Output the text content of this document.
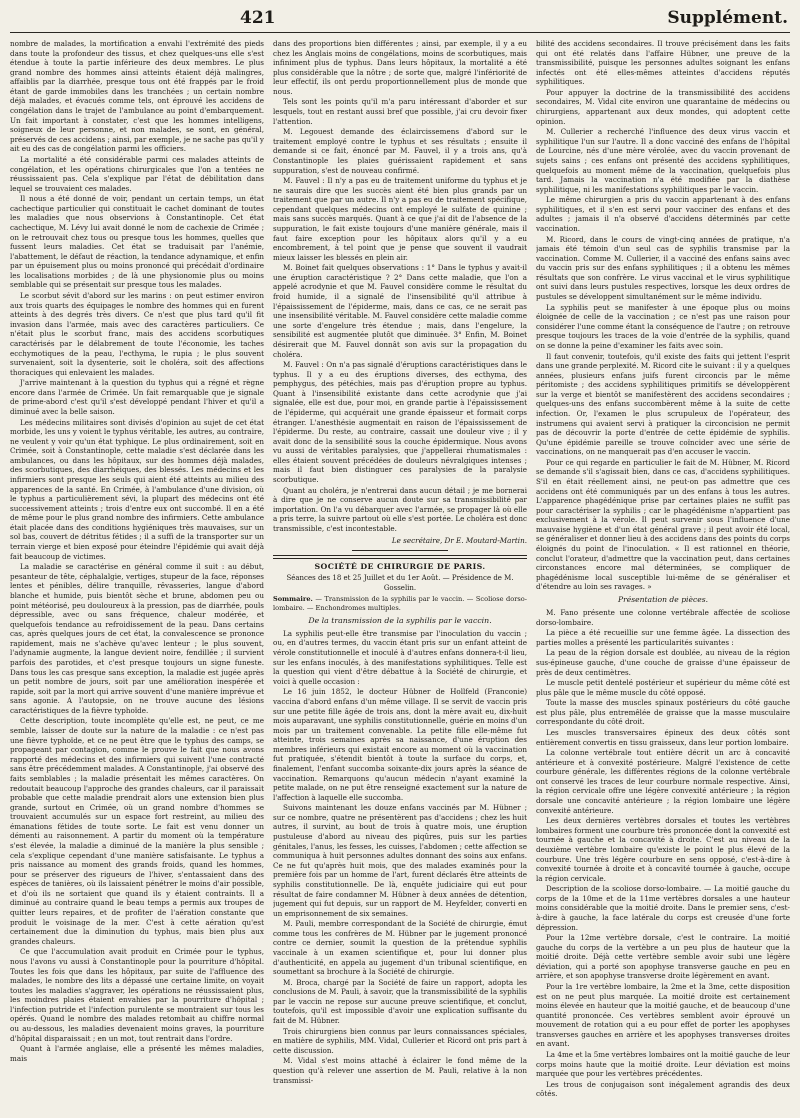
421	Supplément.

nombre de malades, la mortification a envahi l'extrémité des pieds dans toute la profondeur des tissus, et chez quelques-uns elle s'est étendue à toute la partie inférieure des deux membres. Le plus grand nombre des hommes ainsi atteints étaient déjà malingres, affaiblis par la diarrhée, presque tous ont été frappés par le froid étant de garde immobiles dans les tranchées ; un certain nombre déjà malades, et évacués comme tels, ont éprouvé les accidens de congélation dans le trajet de l'ambulance au point d'embarquement. Un fait important à constater, c'est que les hommes intelligens, soigneux de leur personne, et non malades, se sont, en général, préservés de ces accidens ; ainsi, par exemple, je ne sache pas qu'il y ait eu des cas de congélation parmi les officiers.

La mortalité a été considérable parmi ces malades atteints de congélation, et les opérations chirurgicales que l'on a tentées ne réussissaient pas. Cela s'explique par l'état de débilitation dans lequel se trouvaient ces malades.

Il nous a été donné de voir, pendant un certain temps, un état cachectique particulier qui constituait le cachet dominant de toutes les maladies que nous observions à Constantinople. Cet état cachectique, M. Lévy lui avait donné le nom de cachexie de Crimée ; on le retrouvait chez tous ou presque tous les hommes, quelles que fussent leurs maladies. Cet état se traduisait par l'anémie, l'abattement, le défaut de réaction, la tendance adynamique, et enfin par un épuisement plus ou moins prononcé qui précédait d'ordinaire les localisations morbides ; de là une physionomie plus ou moins semblable qui se présentait sur presque tous les malades.

Le scorbut sévit d'abord sur les marins : on peut estimer environ aux trois quarts des équipages le nombre des hommes qui en furent atteints à des degrés très divers. Ce n'est que plus tard qu'il fit invasion dans l'armée, mais avec des caractères particuliers. Ce n'était plus le scorbut franc, mais des accidens scorbutiques caractérisés par le délabrement de toute l'économie, les taches ecchymotiques de la peau, l'ecthyma, le rupia ; le plus souvent survenaient, soit la dysenterie, soit le choléra, soit des affections thoraciques qui enlevaient les malades.

J'arrive maintenant à la question du typhus qui a régné et règne encore dans l'armée de Crimée. Un fait remarquable que je signale de prime-abord c'est qu'il s'est développé pendant l'hiver et qu'il a diminué avec la belle saison.

Les médecins militaires sont divisés d'opinion au sujet de cet état morbide, les uns y voient le typhus véritable, les autres, au contraire, ne veulent y voir qu'un état typhique. Le plus ordinairement, soit en Crimée, soit à Constantinople, cette maladie s'est déclarée dans les ambulances, ou dans les hôpitaux, sur des hommes déjà malades, des scorbutiques, des diarrhéiques, des blessés. Les médecins et les infirmiers sont presque les seuls qui aient été atteints au milieu des apparences de la santé. En Crimée, à l'ambulance d'une division, où le typhus a particulièrement sévi, la plupart des médecins ont été successivement atteints ; trois d'entre eux ont succombé. Il en a été de même pour le plus grand nombre des infirmiers. Cette ambulance était placée dans des conditions hygiéniques très mauvaises, sur un sol bas, couvert de détritus fétides ; il a suffi de la transporter sur un terrain vierge et bien exposé pour éteindre l'épidémie qui avait déjà fait beaucoup de victimes.

La maladie se caractérise en général comme il suit : au début, pesanteur de tête, céphalalgie, vertiges, stupeur de la face, réponses lentes et pénibles, délire tranquille, rêvasseries, langue d'abord blanche et humide, puis bientôt sèche et brune, abdomen peu ou point météorisé, peu douloureux à la pression, pas de diarrhée, pouls dépressible, avec ou sans fréquence, chaleur modérée, et quelquefois tendance au refroidissement de la peau. Dans certains cas, après quelques jours de cet état, la convalescence se prononce rapidement, mais ne s'achève qu'avec lenteur ; le plus souvent, l'adynamie augmente, la langue devient noire, fendillée ; il survient parfois des parotides, et c'est presque toujours un signe funeste. Dans tous les cas presque sans exception, la maladie est jugée après un petit nombre de jours, soit par une amélioration inespérée et rapide, soit par la mort qui arrive souvent d'une manière imprévue et sans agonie. A l'autopsie, on ne trouve aucune des lésions caractéristiques de la fièvre typhoïde.

Cette description, toute incomplète qu'elle est, ne peut, ce me semble, laisser de doute sur la nature de la maladie : ce n'est pas une fièvre typhoïde, et ce ne peut être que le typhus des camps, se propageant par contagion, comme le prouve le fait que nous avons rapporté des médecins et des infirmiers qui suivent l'une contracté sans être précédemment malades. A Constantinople, j'ai observé des faits semblables ; la maladie présentait les mêmes caractères. On redoutait beaucoup l'approche des grandes chaleurs, car il paraissait probable que cette maladie prendrait alors une extension bien plus grande, surtout en Crimée, où un grand nombre d'hommes se trouvaient accumulés sur un espace fort restreint, au milieu des émanations fétides de toute sorte. Le fait est venu donner un démenti au raisonnement. A partir du moment où la température s'est élevée, la maladie a diminué de la manière la plus sensible ; cela s'explique cependant d'une manière satisfaisante. Le typhus a pris naissance au moment des grands froids, quand les hommes, pour se préserver des rigueurs de l'hiver, s'entassaient dans des espèces de tanières, où ils laissaient pénétrer le moins d'air possible, et d'où ils ne sortaient que quand ils y étaient contraints. Il a diminué au contraire quand le beau temps a permis aux troupes de quitter leurs repaires, et de profiter de l'aération constante que produit le voisinage de la mer. C'est à cette aération qu'est certainement due la diminution du typhus, mais bien plus aux grandes chaleurs.

Ce que l'accumulation avait produit en Crimée pour le typhus, nous l'avons vu aussi à Constantinople pour la pourriture d'hôpital. Toutes les fois que dans les hôpitaux, par suite de l'affluence des malades, le nombre des lits a dépassé une certaine limite, on voyait toutes les maladies s'aggraver, les opérations ne réussissaient plus, les moindres plaies étaient envahies par la pourriture d'hôpital ; l'infection putride et l'infection purulente se montraient sur tous les opérés. Quand le nombre des malades retombait au chiffre normal ou au-dessous, les maladies devenaient moins graves, la pourriture d'hôpital disparaissait ; en un mot, tout rentrait dans l'ordre.

Quant à l'armée anglaise, elle a présenté les mêmes maladies, mais

dans des proportions bien différentes ; ainsi, par exemple, il y a eu chez les Anglais moins de congélations, moins de scorbutiques, mais infiniment plus de typhus. Dans leurs hôpitaux, la mortalité a été plus considérable que la nôtre ; de sorte que, malgré l'infériorité de leur effectif, ils ont perdu proportionnellement plus de monde que nous.

Tels sont les points qu'il m'a paru intéressant d'aborder et sur lesquels, tout en restant aussi bref que possible, j'ai cru devoir fixer l'attention.

M. Legouest demande des éclaircissemens d'abord sur le traitement employé contre le typhus et ses résultats ; ensuite il demande si ce fait, énoncé par M. Fauvel, il y a trois ans, qu'à Constantinople les plaies guérissaient rapidement et sans suppuration, s'est de nouveau confirmé.

M. Fauvel : Il n'y a pas eu de traitement uniforme du typhus et je ne saurais dire que les succès aient été bien plus grands par un traitement que par un autre. Il n'y a pas eu de traitement spécifique, cependant quelques médecins ont employé le sulfate de quinine ; mais sans succès marqués. Quant à ce que j'ai dit de l'absence de la suppuration, le fait existe toujours d'une manière générale, mais il faut faire exception pour les hôpitaux alors qu'il y a eu encombrement, à tel point que je pense que souvent il vaudrait mieux laisser les blessés en plein air.

M. Boinet fait quelques observations : 1° Dans le typhus y avait-il une éruption caractéristique ? 2° Dans cette maladie, que l'on a appelé acrodynie et que M. Fauvel considère comme le résultat du froid humide, il a signalé de l'insensibilité qu'il attribue à l'épaississement de l'épiderme, mais, dans ce cas, ce ne serait pas une insensibilité véritable. M. Fauvel considère cette maladie comme une sorte d'engelure très étendue ; mais, dans l'engelure, la sensibilité est augmentée plutôt que diminuée. 3° Enfin, M. Boinet désirerait que M. Fauvel donnât son avis sur la propagation du choléra.

M. Fauvel : On n'a pas signalé d'éruptions caractéristiques dans le typhus. Il y a eu des éruptions diverses, des ecthyma, des pemphygus, des pétéchies, mais pas d'éruption propre au typhus. Quant à l'insensibilité existante dans cette acrodynie que j'ai signalée, elle est due, pour moi, en grande partie à l'épaississement de l'épiderme, qui acquérait une grande épaisseur et formait corps étranger. L'anesthésie augmentait en raison de l'épaississement de l'épiderme. Du reste, au contraire, cassait une douleur vive ; il y avait donc de la sensibilité sous la couche épidermique. Nous avons vu aussi de véritables paralysies, que j'appellerai rhumatismales : elles étaient souvent précédées de douleurs névralgiques intenses ; mais il faut bien distinguer ces paralysies de la paralysie scorbutique.

Quant au choléra, je n'entrerai dans aucun détail ; je me bornerai à dire que je ne conserve aucun doute sur sa transmissibilité par importation. On l'a vu débarquer avec l'armée, se propager là où elle a pris terre, la suivre partout où elle s'est portée. Le choléra est donc transmissible, c'est incontestable.

Le secrétaire, Dr E. Moutard-Martin.

SOCIÉTÉ DE CHIRURGIE DE PARIS.
Séances des 18 et 25 Juillet et du 1er Août. — Présidence de M. Gosselin.
Sommaire. — Transmission de la syphilis par le vaccin. — Scoliose dorso-lombaire. — Enchondromes multiples.
De la transmission de la syphilis par le vaccin.

La syphilis peut-elle être transmise par l'inoculation du vaccin ; ou, en d'autres termes, du vaccin étant pris sur un enfant atteint de vérole constitutionnelle et inoculé à d'autres enfans donnera-t-il lieu, sur les enfans inoculés, à des manifestations syphilitiques. Telle est la question qui vient d'être débattue à la Société de chirurgie, et voici à quelle occasion :

Le 16 juin 1852, le docteur Hübner de Hollfeld (Franconie) vaccina d'abord enfans d'un même village. Il se servit de vaccin pris sur une petite fille âgée de trois ans, dont la mère avait eu, dix-huit mois auparavant, une syphilis constitutionnelle, guérie en moins d'un mois par un traitement convenable. La petite fille elle-même fut atteinte, trois semaines après sa naissance, d'une éruption des membres inférieurs qui existait encore au moment où la vaccination fut pratiquée, s'étendit bientôt à toute la surface du corps, et, finalement, l'enfant succomba soixante-dix jours après la séance de vaccination. Remarquons qu'aucun médecin n'ayant examiné la petite malade, on ne put être renseigné exactement sur la nature de l'affection à laquelle elle succomba.

Suivons maintenant les douze enfans vaccinés par M. Hübner ; sur ce nombre, quatre ne présentèrent pas d'accidens ; chez les huit autres, il survint, au bout de trois à quatre mois, une éruption pustuleuse d'abord au niveau des piqûres, puis sur les parties génitales, l'anus, les fesses, les cuisses, l'abdomen ; cette affection se communiqua à huit personnes adultes donnant des soins aux enfans. Ce ne fut qu'après huit mois, que des malades examinés pour la première fois par un homme de l'art, furent déclarés être atteints de syphilis constitutionnelle. De là, enquête judiciaire qui eut pour résultat de faire condamner M. Hübner à deux années de détention, jugement qui fut depuis, sur un rapport de M. Heyfelder, converti en un emprisonnement de six semaines.

M. Pauli, membre correspondant de la Société de chirurgie, émut comme tous les confrères de M. Hübner par le jugement prononcé contre ce dernier, soumit la question de la prétendue syphilis vaccinale à un examen scientifique et, pour lui donner plus d'authenticité, en appela au jugement d'un tribunal scientifique, en soumettant sa brochure à la Société de chirurgie.

M. Broca, chargé par la Société de faire un rapport, adopta les conclusions de M. Pauli, à savoir, que la transmissibilité de la syphilis par le vaccin ne repose sur aucune preuve scientifique, et conclut, toutefois, qu'il est impossible d'avoir une explication suffisante du fait de M. Hübner.

Trois chirurgiens bien connus par leurs connaissances spéciales, en matière de syphilis, MM. Vidal, Cullerier et Ricord ont pris part à cette discussion.

M. Vidal s'est moins attaché à éclairer le fond même de la question qu'à relever une assertion de M. Pauli, relative à la non transmissi-

bilité des accidens secondaires. Il trouve précisément dans les faits qui ont été relatés dans l'affaire Hübner, une preuve de la transmissibilité, puisque les personnes adultes soignant les enfans infectés ont été elles-mêmes atteintes d'accidens réputés syphilitiques.

Pour appuyer la doctrine de la transmissibilité des accidens secondaires, M. Vidal cite environ une quarantaine de médecins ou chirurgiens, appartenant aux deux mondes, qui adoptent cette opinion.

M. Cullerier a recherché l'influence des deux virus vaccin et syphilitique l'un sur l'autre. Il a donc vacciné des enfans de l'hôpital de Lourcine, nés d'une mère vérolée, avec du vaccin provenant de sujets sains ; ces enfans ont présenté des accidens syphilitiques, quelquefois au moment même de la vaccination, quelquefois plus tard. Jamais la vaccination n'a été modifiée par la diathèse syphilitique, ni les manifestations syphilitiques par le vaccin.

Le même chirurgien a pris du vaccin appartenant à des enfans syphilitiques, et il s'en est servi pour vacciner des enfans et des adultes ; jamais il n'a observé d'accidens déterminés par cette vaccination.

M. Ricord, dans le cours de vingt-cinq années de pratique, n'a jamais été témoin d'un seul cas de syphilis transmise par la vaccination. Comme M. Cullerier, il a vacciné des enfans sains avec du vaccin pris sur des enfans syphilitiques ; il a obtenu les mêmes résultats que son confrère. Le virus vaccinal et le virus syphilitique ont suivi dans leurs pustules respectives, lorsque les deux ordres de pustules se développent simultanément sur le même individu.

La syphilis peut se manifester à une époque plus ou moins éloignée de celle de la vaccination ; ce n'est pas une raison pour considérer l'une comme étant la conséquence de l'autre ; on retrouve presque toujours les traces de la voie d'entrée de la syphilis, quand on se donne la peine d'examiner les faits avec soin.

Il faut convenir, toutefois, qu'il existe des faits qui jettent l'esprit dans une grande perplexité. M. Ricord cite le suivant : il y a quelques années, plusieurs enfans juifs furent circoncis par le même péritomiste ; des accidens syphilitiques primitifs se développèrent sur la verge et bientôt se manifestèrent des accidens secondaires ; quelques-uns des enfans succombèrent même à la suite de cette infection. Or, l'examen le plus scrupuleux de l'opérateur, des instrumens qui avaient servi à pratiquer la circoncision ne permit pas de découvrir la porte d'entrée de cette épidémie de syphilis. Qu'une épidémie pareille se trouve coïncider avec une série de vaccinations, on ne manquerait pas d'en accuser le vaccin.

Pour ce qui regarde en particulier le fait de M. Hübner, M. Ricord se demande s'il s'agissait bien, dans ce cas, d'accidens syphilitiques. S'il en était réellement ainsi, ne peut-on pas admettre que ces accidens ont été communiqués par un des enfans à tous les autres. L'apparence phagédénique prise par certaines plaies ne suffit pas pour caractériser la syphilis ; car le phagédénisme n'appartient pas exclusivement à la vérole. Il peut survenir sous l'influence d'une mauvaise hygiène et d'un état général grave ; il peut avoir été local, se généraliser et donner lieu à des accidens dans des points du corps éloignés du point de l'inoculation. « Il est rationnel en théorie, conclut l'orateur, d'admettre que la vaccination peut, dans certaines circonstances encore mal déterminées, se compliquer de phagédénisme local susceptible lui-même de se généraliser et d'étendre au loin ses ravages. »

Présentation de pièces.

M. Fano présente une colonne vertébrale affectée de scoliose dorso-lombaire.

La pièce a été recueillie sur une femme âgée. La dissection des parties molles a présenté les particularités suivantes :

La peau de la région dorsale est doublée, au niveau de la région sus-épineuse gauche, d'une couche de graisse d'une épaisseur de près de deux centimètres.

Le muscle petit dentelé postérieur et supérieur du même côté est plus pâle que le même muscle du côté opposé.

Toute la masse des muscles spinaux postérieurs du côté gauche est plus pâle, plus entremêlée de graisse que la masse musculaire correspondante du côté droit.

Les muscles transversaires épineux des deux côtés sont entièrement convertis en tissu graisseux, dans leur portion lombaire.

La colonne vertébrale tout entière décrit un arc à concavité antérieure et à convexité postérieure. Malgré l'existence de cette courbure générale, les différentes régions de la colonne vertébrale ont conservé les traces de leur courbure normale respective. Ainsi, la région cervicale offre une légère convexité antérieure ; la région dorsale une concavité antérieure ; la région lombaire une légère convexité antérieure.

Les deux dernières vertèbres dorsales et toutes les vertèbres lombaires forment une courbure très prononcée dont la convexité est tournée à gauche et la concavité à droite. C'est au niveau de la deuxième vertèbre lombaire qu'existe le point le plus élevé de la courbure. Une très légère courbure en sens opposé, c'est-à-dire à convexité tournée à droite et à concavité tournée à gauche, occupe la région cervicale.

Description de la scoliose dorso-lombaire. — La moitié gauche du corps de la 10me et de la 11me vertèbres dorsales a une hauteur moins considérable que la moitié droite. Dans le premier sens, c'est-à-dire à gauche, la face latérale du corps est creusée d'une forte dépression.

Pour la 12me vertèbre dorsale, c'est le contraire. La moitié gauche du corps de la vertèbre a un peu plus de hauteur que la moitié droite. Déjà cette vertèbre semble avoir subi une légère déviation, qui a porté son apophyse transverse gauche en peu en arrière, et son apophyse transverse droite légèrement en avant.

Pour la 1re vertèbre lombaire, la 2me et la 3me, cette disposition est on ne peut plus marquée. La moitié droite est certainement moins élevée en hauteur que la moitié gauche, et de beaucoup d'une quantité prononcée. Ces vertèbres semblent avoir éprouvé un mouvement de rotation qui a eu pour effet de porter les apophyses transverses gauches en arrière et les apophyses transverses droites en avant.

La 4me et la 5me vertèbres lombaires ont la moitié gauche de leur corps moins haute que la moitié droite. Leur déviation est moins marquée que pour les vertèbres précédentes.

Les trous de conjugaison sont inégalement agrandis des deux côtés.
